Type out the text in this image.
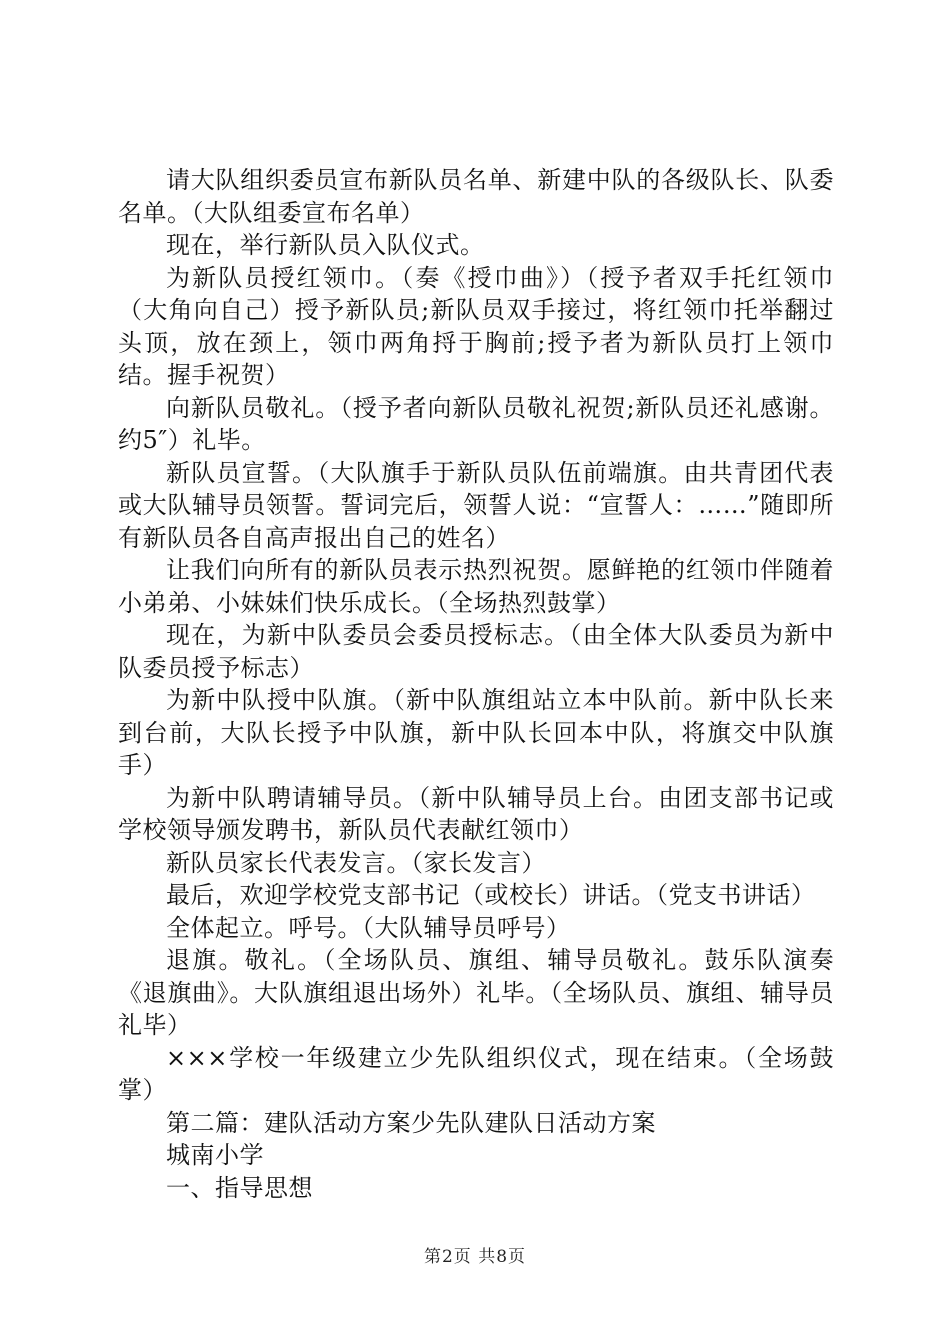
请大队组织委员宣布新队员名单、新建中队的各级队长、队委名单。（大队组委宣布名单）

现在，举行新队员入队仪式。

为新队员授红领巾。（奏《授巾曲》）（授予者双手托红领巾（大角向自己）授予新队员;新队员双手接过，将红领巾托举翻过头顶，放在颈上，领巾两角捋于胸前;授予者为新队员打上领巾结。握手祝贺）

向新队员敬礼。（授予者向新队员敬礼祝贺;新队员还礼感谢。约5″）礼毕。

新队员宣誓。（大队旗手于新队员队伍前端旗。由共青团代表或大队辅导员领誓。誓词完后，领誓人说：“宣誓人：……”随即所有新队员各自高声报出自己的姓名）

让我们向所有的新队员表示热烈祝贺。愿鲜艳的红领巾伴随着小弟弟、小妹妹们快乐成长。（全场热烈鼓掌）

现在，为新中队委员会委员授标志。（由全体大队委员为新中队委员授予标志）

为新中队授中队旗。（新中队旗组站立本中队前。新中队长来到台前，大队长授予中队旗，新中队长回本中队，将旗交中队旗手）

为新中队聘请辅导员。（新中队辅导员上台。由团支部书记或学校领导颁发聘书，新队员代表献红领巾）

新队员家长代表发言。（家长发言）

最后，欢迎学校党支部书记（或校长）讲话。（党支书讲话）

全体起立。呼号。（大队辅导员呼号）

退旗。敬礼。（全场队员、旗组、辅导员敬礼。鼓乐队演奏《退旗曲》。大队旗组退出场外）礼毕。（全场队员、旗组、辅导员礼毕）

×××学校一年级建立少先队组织仪式，现在结束。（全场鼓掌）

第二篇：建队活动方案少先队建队日活动方案

城南小学

一、指导思想

第2页 共8页
